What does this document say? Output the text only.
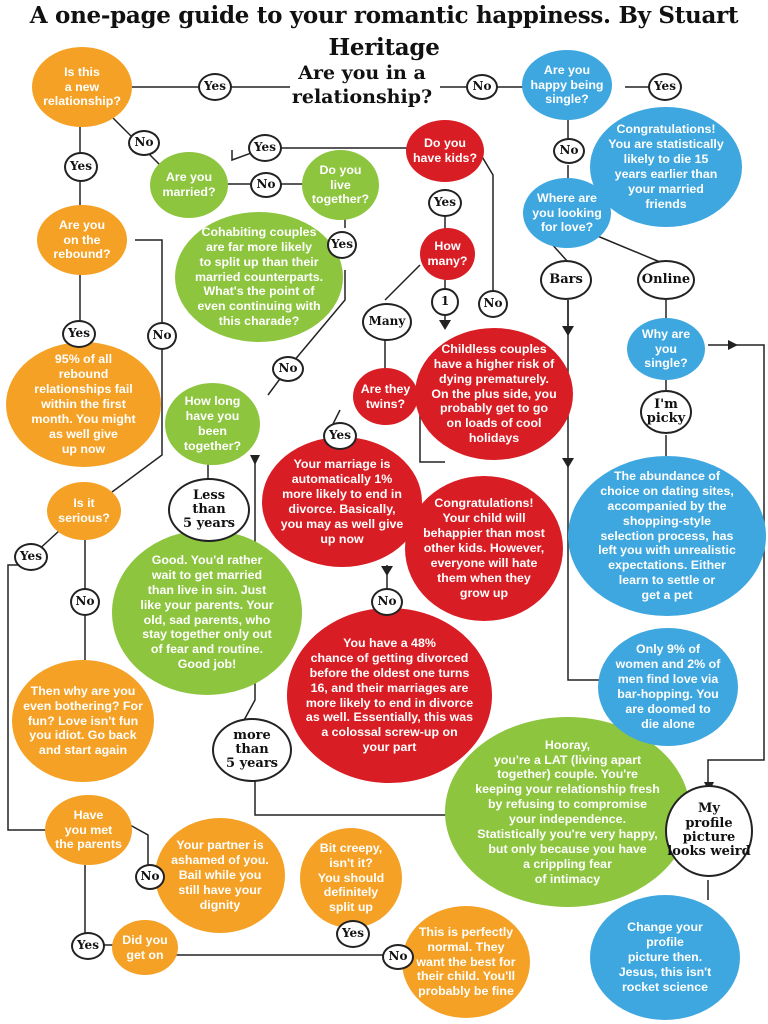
A one-page guide to your romantic happiness. By Stuart Heritage
Is this
a new
relationship?
Are you
on the
rebound?
95% of all
rebound
relationships fail
within the first
month. You might
as well give
up now
Is it
serious?
Then why are you
even bothering? For
fun? Love isn't fun
you idiot. Go back
and start again
Have
you met
the parents
Did you
get on
Your partner is
ashamed of you.
Bail while you
still have your
dignity
Bit creepy,
isn't it?
You should
definitely
split up
This is perfectly
normal. They
want the best for
their child. You'll
probably be fine
Are you
married?
Do you
live
together?
Cohabiting couples
are far more likely
to split up than their
married counterparts.
What's the point of
even continuing with
this charade?
How long
have you
been
together?
Good. You'd rather
wait to get married
than live in sin. Just
like your parents. Your
old, sad parents, who
stay together only out
of fear and routine.
Good job!
Hooray,
you're a LAT (living apart
together) couple. You're
keeping your relationship fresh
by refusing to compromise
your independence.
Statistically you're very happy,
but only because you have
a crippling fear
of intimacy
Do you
have kids?
How
many?
Childless couples
have a higher risk of
dying prematurely.
On the plus side, you
probably get to go
on loads of cool
holidays
Are they
twins?
Your marriage is
automatically 1%
more likely to end in
divorce. Basically,
you may as well give
up now
Congratulations!
Your child will
behappier than most
other kids. However,
everyone will hate
them when they
grow up
You have a 48%
chance of getting divorced
before the oldest one turns
16, and their marriages are
more likely to end in divorce
as well. Essentially, this was
a colossal screw-up on
your part
Are you
happy being
single?
Congratulations!
You are statistically
likely to die 15
years earlier than
your married
friends
Where are
you looking
for love?
Why are
you
single?
The abundance of
choice on dating sites,
accompanied by the
shopping-style
selection process, has
left you with unrealistic
expectations. Either
learn to settle or
get a pet
Only 9% of
women and 2% of
men find love via
bar-hopping. You
are doomed to
die alone
Change your
profile
picture then.
Jesus, this isn't
rocket science
Are you in a
relationship?
Yes	No	Yes
No	Yes	No
Yes
No
Yes
Yes
Bars	Online
1	No
Many
Yes	No
No
I'm
picky
Yes
Less
than
5 years
Yes
No	No
more
than
5 years
My
profile
picture
looks weird
No
Yes
Yes
No
